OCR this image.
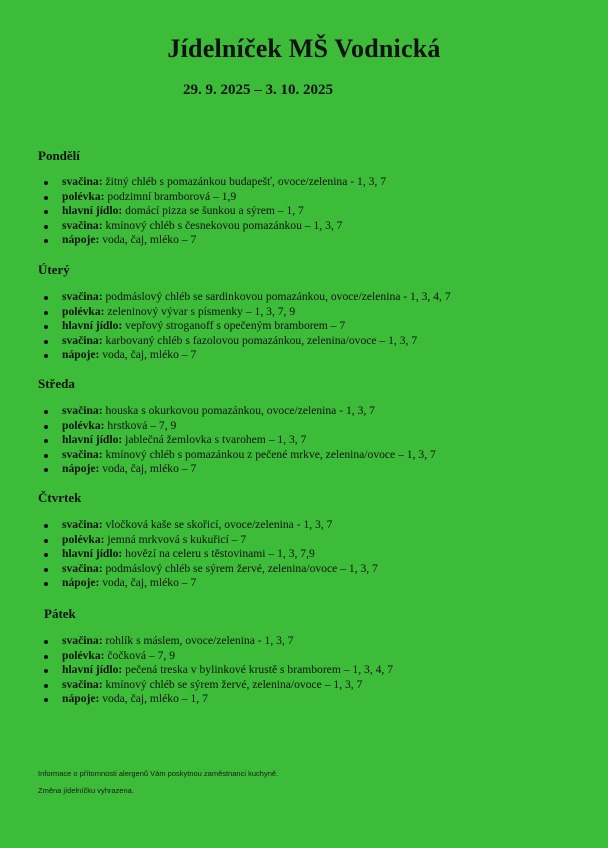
Jídelníček MŠ Vodnická
29. 9. 2025 – 3. 10. 2025
Pondělí
svačina: žitný chléb s pomazánkou budapešť, ovoce/zelenina - 1, 3, 7
polévka: podzimní bramborová – 1,9
hlavní jídlo: domácí pizza se šunkou a sýrem – 1, 7
svačina: kmínový chléb s česnekovou pomazánkou – 1, 3, 7
nápoje: voda, čaj, mléko – 7
Úterý
svačina: podmáslový chléb se sardinkovou pomazánkou, ovoce/zelenina - 1, 3, 4, 7
polévka: zeleninový vývar s písmenky – 1, 3, 7, 9
hlavní jídlo: vepřový stroganoff s opečeným bramborem – 7
svačina: karbovaný chléb s fazolovou pomazánkou, zelenina/ovoce – 1, 3, 7
nápoje: voda, čaj, mléko – 7
Středa
svačina: houska s okurkovou pomazánkou, ovoce/zelenina - 1, 3, 7
polévka: hrstková – 7, 9
hlavní jídlo: jablečná žemlovka s tvarohem – 1, 3, 7
svačina: kmínový chléb s pomazánkou z pečené mrkve, zelenina/ovoce – 1, 3, 7
nápoje: voda, čaj, mléko – 7
Čtvrtek
svačina: vločková kaše se skořicí, ovoce/zelenina - 1, 3, 7
polévka: jemná mrkvová s kukuřicí – 7
hlavní jídlo: hovězí na celeru s těstovinami – 1, 3, 7,9
svačina: podmáslový chléb se sýrem žervé, zelenina/ovoce – 1, 3, 7
nápoje: voda, čaj, mléko – 7
Pátek
svačina: rohlík s máslem, ovoce/zelenina - 1, 3, 7
polévka: čočková – 7, 9
hlavní jídlo: pečená treska v bylinkové krustě s bramborem – 1, 3, 4, 7
svačina: kmínový chléb se sýrem žervé, zelenina/ovoce – 1, 3, 7
nápoje: voda, čaj, mléko – 1, 7
Informace o přítomnosti alergenů Vám poskytnou zaměstnanci kuchyně.
Změna jídelníčku vyhrazena.
